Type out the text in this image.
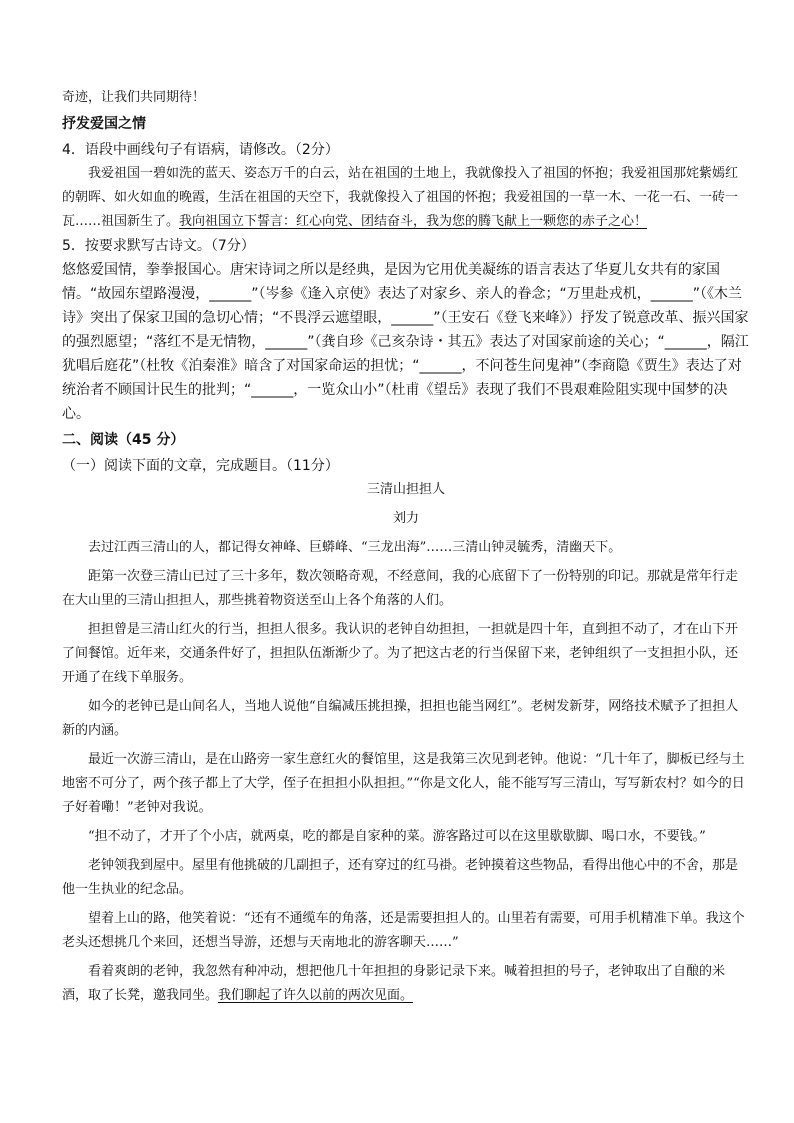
奇迹，让我们共同期待！

抒发爱国之情

4．语段中画线句子有语病，请修改。（2分）

我爱祖国一碧如洗的蓝天、姿态万千的白云，站在祖国的土地上，我就像投入了祖国的怀抱；我爱祖国那姹紫嫣红的朝晖、如火如血的晚霞，生活在祖国的天空下，我就像投入了祖国的怀抱；我爱祖国的一草一木、一花一石、一砖一瓦……祖国新生了。我向祖国立下誓言：红心向党、团结奋斗，我为您的腾飞献上一颗您的赤子之心！

5．按要求默写古诗文。（7分）

悠悠爱国情，拳拳报国心。唐宋诗词之所以是经典，是因为它用优美凝练的语言表达了华夏儿女共有的家国情。“故园东望路漫漫，______”（岑参《逢入京使》表达了对家乡、亲人的眷念；“万里赴戎机，______”（《木兰诗》突出了保家卫国的急切心情；“不畏浮云遮望眼，______”（王安石《登飞来峰》）抒发了锐意改革、振兴国家的强烈愿望；“落红不是无情物，______”（龚自珍《己亥杂诗・其五》表达了对国家前途的关心；“______，隔江犹唱后庭花”（杜牧《泊秦淮》暗含了对国家命运的担忧；“______，不问苍生问鬼神”（李商隐《贾生》表达了对统治者不顾国计民生的批判；“______，一览众山小”（杜甫《望岳》表现了我们不畏艰难险阻实现中国梦的决心。

二、阅读（45 分）

（一）阅读下面的文章，完成题目。（11分）

三清山担担人

刘力

去过江西三清山的人，都记得女神峰、巨蟒峰、“三龙出海”……三清山钟灵毓秀，清幽天下。

距第一次登三清山已过了三十多年，数次领略奇观，不经意间，我的心底留下了一份特别的印记。那就是常年行走在大山里的三清山担担人，那些挑着物资送至山上各个角落的人们。

担担曾是三清山红火的行当，担担人很多。我认识的老钟自幼担担，一担就是四十年，直到担不动了，才在山下开了间餐馆。近年来，交通条件好了，担担队伍渐渐少了。为了把这古老的行当保留下来，老钟组织了一支担担小队，还开通了在线下单服务。

如今的老钟已是山间名人，当地人说他“自编减压挑担操，担担也能当网红”。老树发新芽，网络技术赋予了担担人新的内涵。

最近一次游三清山，是在山路旁一家生意红火的餐馆里，这是我第三次见到老钟。他说：“几十年了，脚板已经与土地密不可分了，两个孩子都上了大学，侄子在担担小队担担。”“你是文化人，能不能写写三清山，写写新农村？如今的日子好着嘞！”老钟对我说。

“担不动了，才开了个小店，就两桌，吃的都是自家种的菜。游客路过可以在这里歇歇脚、喝口水，不要钱。”

老钟领我到屋中。屋里有他挑破的几副担子，还有穿过的红马褂。老钟摸着这些物品，看得出他心中的不舍，那是他一生执业的纪念品。

望着上山的路，他笑着说：“还有不通缆车的角落，还是需要担担人的。山里若有需要，可用手机精准下单。我这个老头还想挑几个来回，还想当导游，还想与天南地北的游客聊天……”

看着爽朗的老钟，我忽然有种冲动，想把他几十年担担的身影记录下来。喊着担担的号子，老钟取出了自酿的米酒，取了长凳，邀我同坐。我们聊起了许久以前的两次见面。
